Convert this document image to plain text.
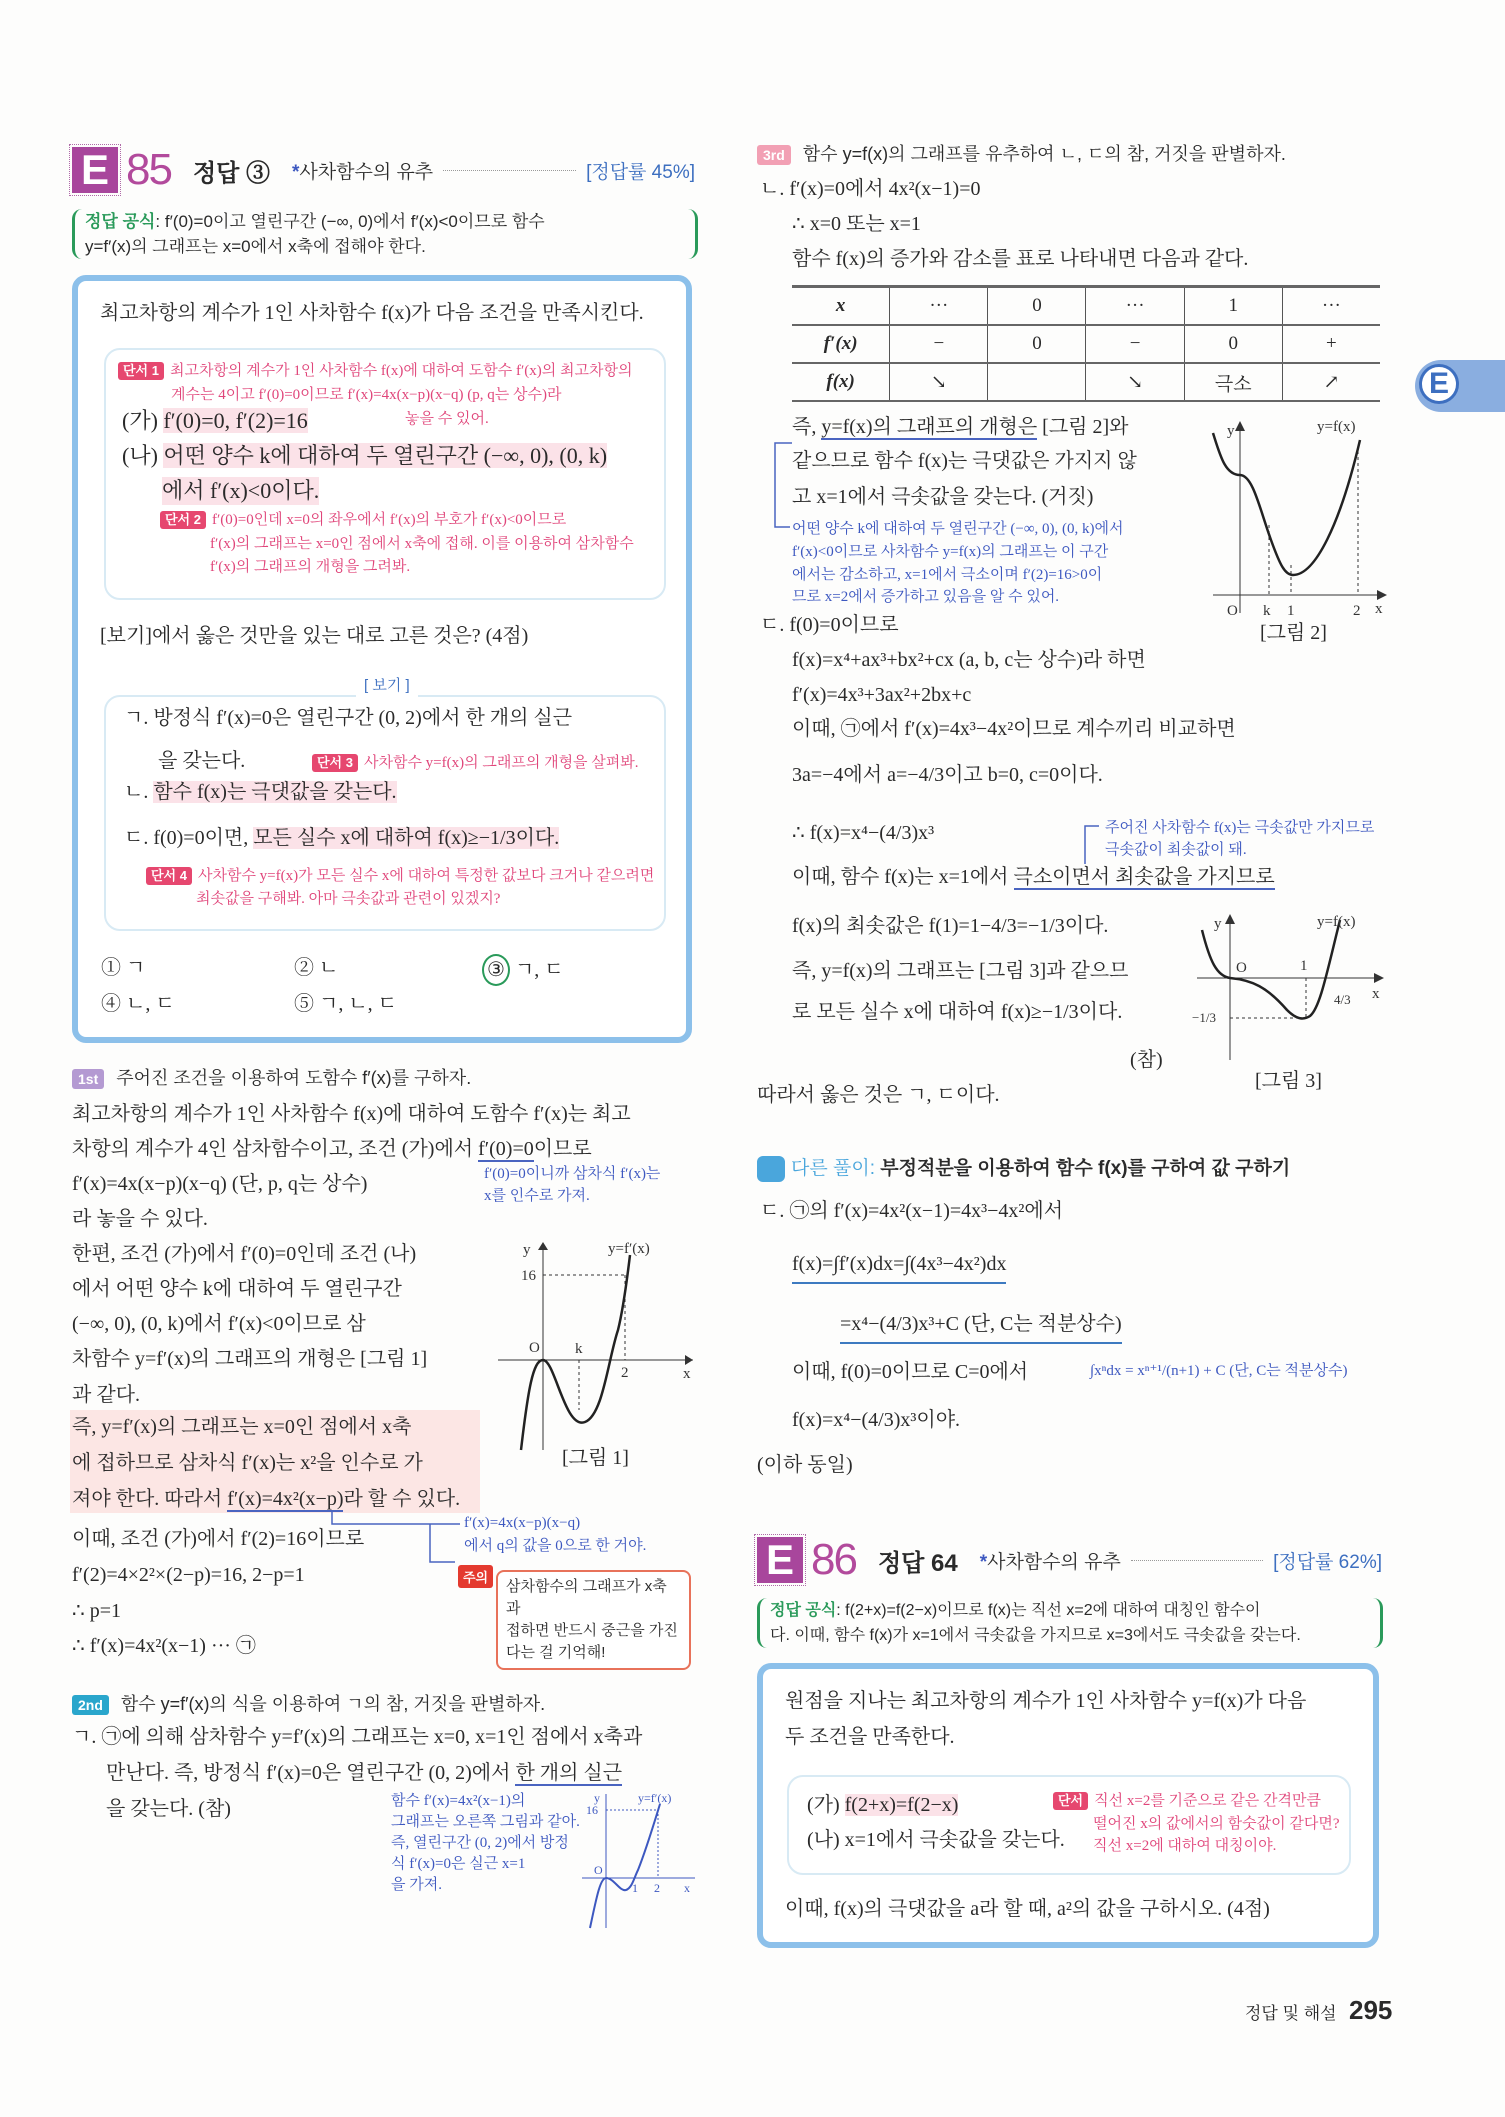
E
E 85 정답 ③ *사차함수의 유추	[정답률 45%]
정답 공식: f′(0)=0이고 열린구간 (−∞, 0)에서 f′(x)<0이므로 함수
y=f′(x)의 그래프는 x=0에서 x축에 접해야 한다.
최고차항의 계수가 1인 사차함수 f(x)가 다음 조건을 만족시킨다.
단서 1 최고차항의 계수가 1인 사차함수 f(x)에 대하여 도함수 f′(x)의 최고차항의
계수는 4이고 f′(0)=0이므로 f′(x)=4x(x−p)(x−q) (p, q는 상수)라
놓을 수 있어.
(가) f′(0)=0, f′(2)=16
(나) 어떤 양수 k에 대하여 두 열린구간 (−∞, 0), (0, k)
에서 f′(x)<0이다.
단서 2 f′(0)=0인데 x=0의 좌우에서 f′(x)의 부호가 f′(x)<0이므로
f′(x)의 그래프는 x=0인 점에서 x축에 접해. 이를 이용하여 삼차함수
f′(x)의 그래프의 개형을 그려봐.
[보기]에서 옳은 것만을 있는 대로 고른 것은? (4점)
[ 보기 ]
ㄱ. 방정식 f′(x)=0은 열린구간 (0, 2)에서 한 개의 실근
을 갖는다.	단서 3 사차함수 y=f(x)의 그래프의 개형을 살펴봐.
ㄴ. 함수 f(x)는 극댓값을 갖는다.
ㄷ. f(0)=0이면, 모든 실수 x에 대하여 f(x)≥−1/3이다.
단서 4 사차함수 y=f(x)가 모든 실수 x에 대하여 특정한 값보다 크거나 같으려면
최솟값을 구해봐. 아마 극솟값과 관련이 있겠지?
① ㄱ	② ㄴ	③ ㄱ, ㄷ
④ ㄴ, ㄷ	⑤ ㄱ, ㄴ, ㄷ
1st 주어진 조건을 이용하여 도함수 f′(x)를 구하자.
최고차항의 계수가 1인 사차함수 f(x)에 대하여 도함수 f′(x)는 최고
차항의 계수가 4인 삼차함수이고, 조건 (가)에서 f′(0)=0이므로
f′(x)=4x(x−p)(x−q) (단, p, q는 상수)	f′(0)=0이니까 삼차식 f′(x)는
x를 인수로 가져.
라 놓을 수 있다.
한편, 조건 (가)에서 f′(0)=0인데 조건 (나)
에서 어떤 양수 k에 대하여 두 열린구간
(−∞, 0), (0, k)에서 f′(x)<0이므로 삼
차함수 y=f′(x)의 그래프의 개형은 [그림 1]
과 같다.
즉, y=f′(x)의 그래프는 x=0인 점에서 x축
에 접하므로 삼차식 f′(x)는 x²을 인수로 가
져야 한다. 따라서 f′(x)=4x²(x−p)라 할 수 있다.
f′(x)=4x(x−p)(x−q)
에서 q의 값을 0으로 한 거야.
이때, 조건 (가)에서 f′(2)=16이므로
f′(2)=4×2²×(2−p)=16, 2−p=1
∴ p=1
∴ f′(x)=4x²(x−1) ··· ㉠
주의
삼차함수의 그래프가 x축과
접하면 반드시 중근을 가진
다는 걸 기억해!
y	y=f′(x)
16
O k
2	x
[그림 1]
2nd 함수 y=f′(x)의 식을 이용하여 ㄱ의 참, 거짓을 판별하자.
ㄱ. ㉠에 의해 삼차함수 y=f′(x)의 그래프는 x=0, x=1인 점에서 x축과
만난다. 즉, 방정식 f′(x)=0은 열린구간 (0, 2)에서 한 개의 실근
을 갖는다. (참)	함수 f′(x)=4x²(x−1)의
그래프는 오른쪽 그림과 같아.
즉, 열린구간 (0, 2)에서 방정
식 f′(x)=0은 실근 x=1
을 가져.
y	y=f′(x)
16
O
1 2 x
3rd 함수 y=f(x)의 그래프를 유추하여 ㄴ, ㄷ의 참, 거짓을 판별하자.
ㄴ. f′(x)=0에서 4x²(x−1)=0
∴ x=0 또는 x=1
함수 f(x)의 증가와 감소를 표로 나타내면 다음과 같다.
x	···	0	···	1	···
f′(x)	−	0	−	0	+
f(x)	↘		↘	극소	↗
즉, y=f(x)의 그래프의 개형은 [그림 2]와
같으므로 함수 f(x)는 극댓값은 가지지 않
고 x=1에서 극솟값을 갖는다. (거짓)
어떤 양수 k에 대하여 두 열린구간 (−∞, 0), (0, k)에서
f′(x)<0이므로 사차함수 y=f(x)의 그래프는 이 구간
에서는 감소하고, x=1에서 극소이며 f′(2)=16>0이
므로 x=2에서 증가하고 있음을 알 수 있어.
y	y=f(x)
O k 1	2 x
[그림 2]
ㄷ. f(0)=0이므로
f(x)=x⁴+ax³+bx²+cx (a, b, c는 상수)라 하면
f′(x)=4x³+3ax²+2bx+c
이때, ㉠에서 f′(x)=4x³−4x²이므로 계수끼리 비교하면
3a=−4에서 a=−4/3이고 b=0, c=0이다.
∴ f(x)=x⁴−(4/3)x³	주어진 사차함수 f(x)는 극솟값만 가지므로
극솟값이 최솟값이 돼.
이때, 함수 f(x)는 x=1에서 극소이면서 최솟값을 가지므로
f(x)의 최솟값은 f(1)=1−4/3=−1/3이다.
즉, y=f(x)의 그래프는 [그림 3]과 같으므
로 모든 실수 x에 대하여 f(x)≥−1/3이다.
(참)
따라서 옳은 것은 ㄱ, ㄷ이다.
y	y=f(x)
O	1
4/3
−1/3
x
[그림 3]
다른 풀이: 부정적분을 이용하여 함수 f(x)를 구하여 값 구하기
ㄷ. ㉠의 f′(x)=4x²(x−1)=4x³−4x²에서
f(x)=∫f′(x)dx=∫(4x³−4x²)dx
=x⁴−(4/3)x³+C (단, C는 적분상수)
이때, f(0)=0이므로 C=0에서	∫xⁿdx = xⁿ⁺¹/(n+1) + C (단, C는 적분상수)
f(x)=x⁴−(4/3)x³이야.
(이하 동일)
E 86 정답 64 *사차함수의 유추	[정답률 62%]
정답 공식: f(2+x)=f(2−x)이므로 f(x)는 직선 x=2에 대하여 대칭인 함수이
다. 이때, 함수 f(x)가 x=1에서 극솟값을 가지므로 x=3에서도 극솟값을 갖는다.
원점을 지나는 최고차항의 계수가 1인 사차함수 y=f(x)가 다음
두 조건을 만족한다.
(가) f(2+x)=f(2−x)
(나) x=1에서 극솟값을 갖는다.
단서 직선 x=2를 기준으로 같은 간격만큼
떨어진 x의 값에서의 함숫값이 같다면?
직선 x=2에 대하여 대칭이야.
이때, f(x)의 극댓값을 a라 할 때, a²의 값을 구하시오. (4점)
정답 및 해설 295
